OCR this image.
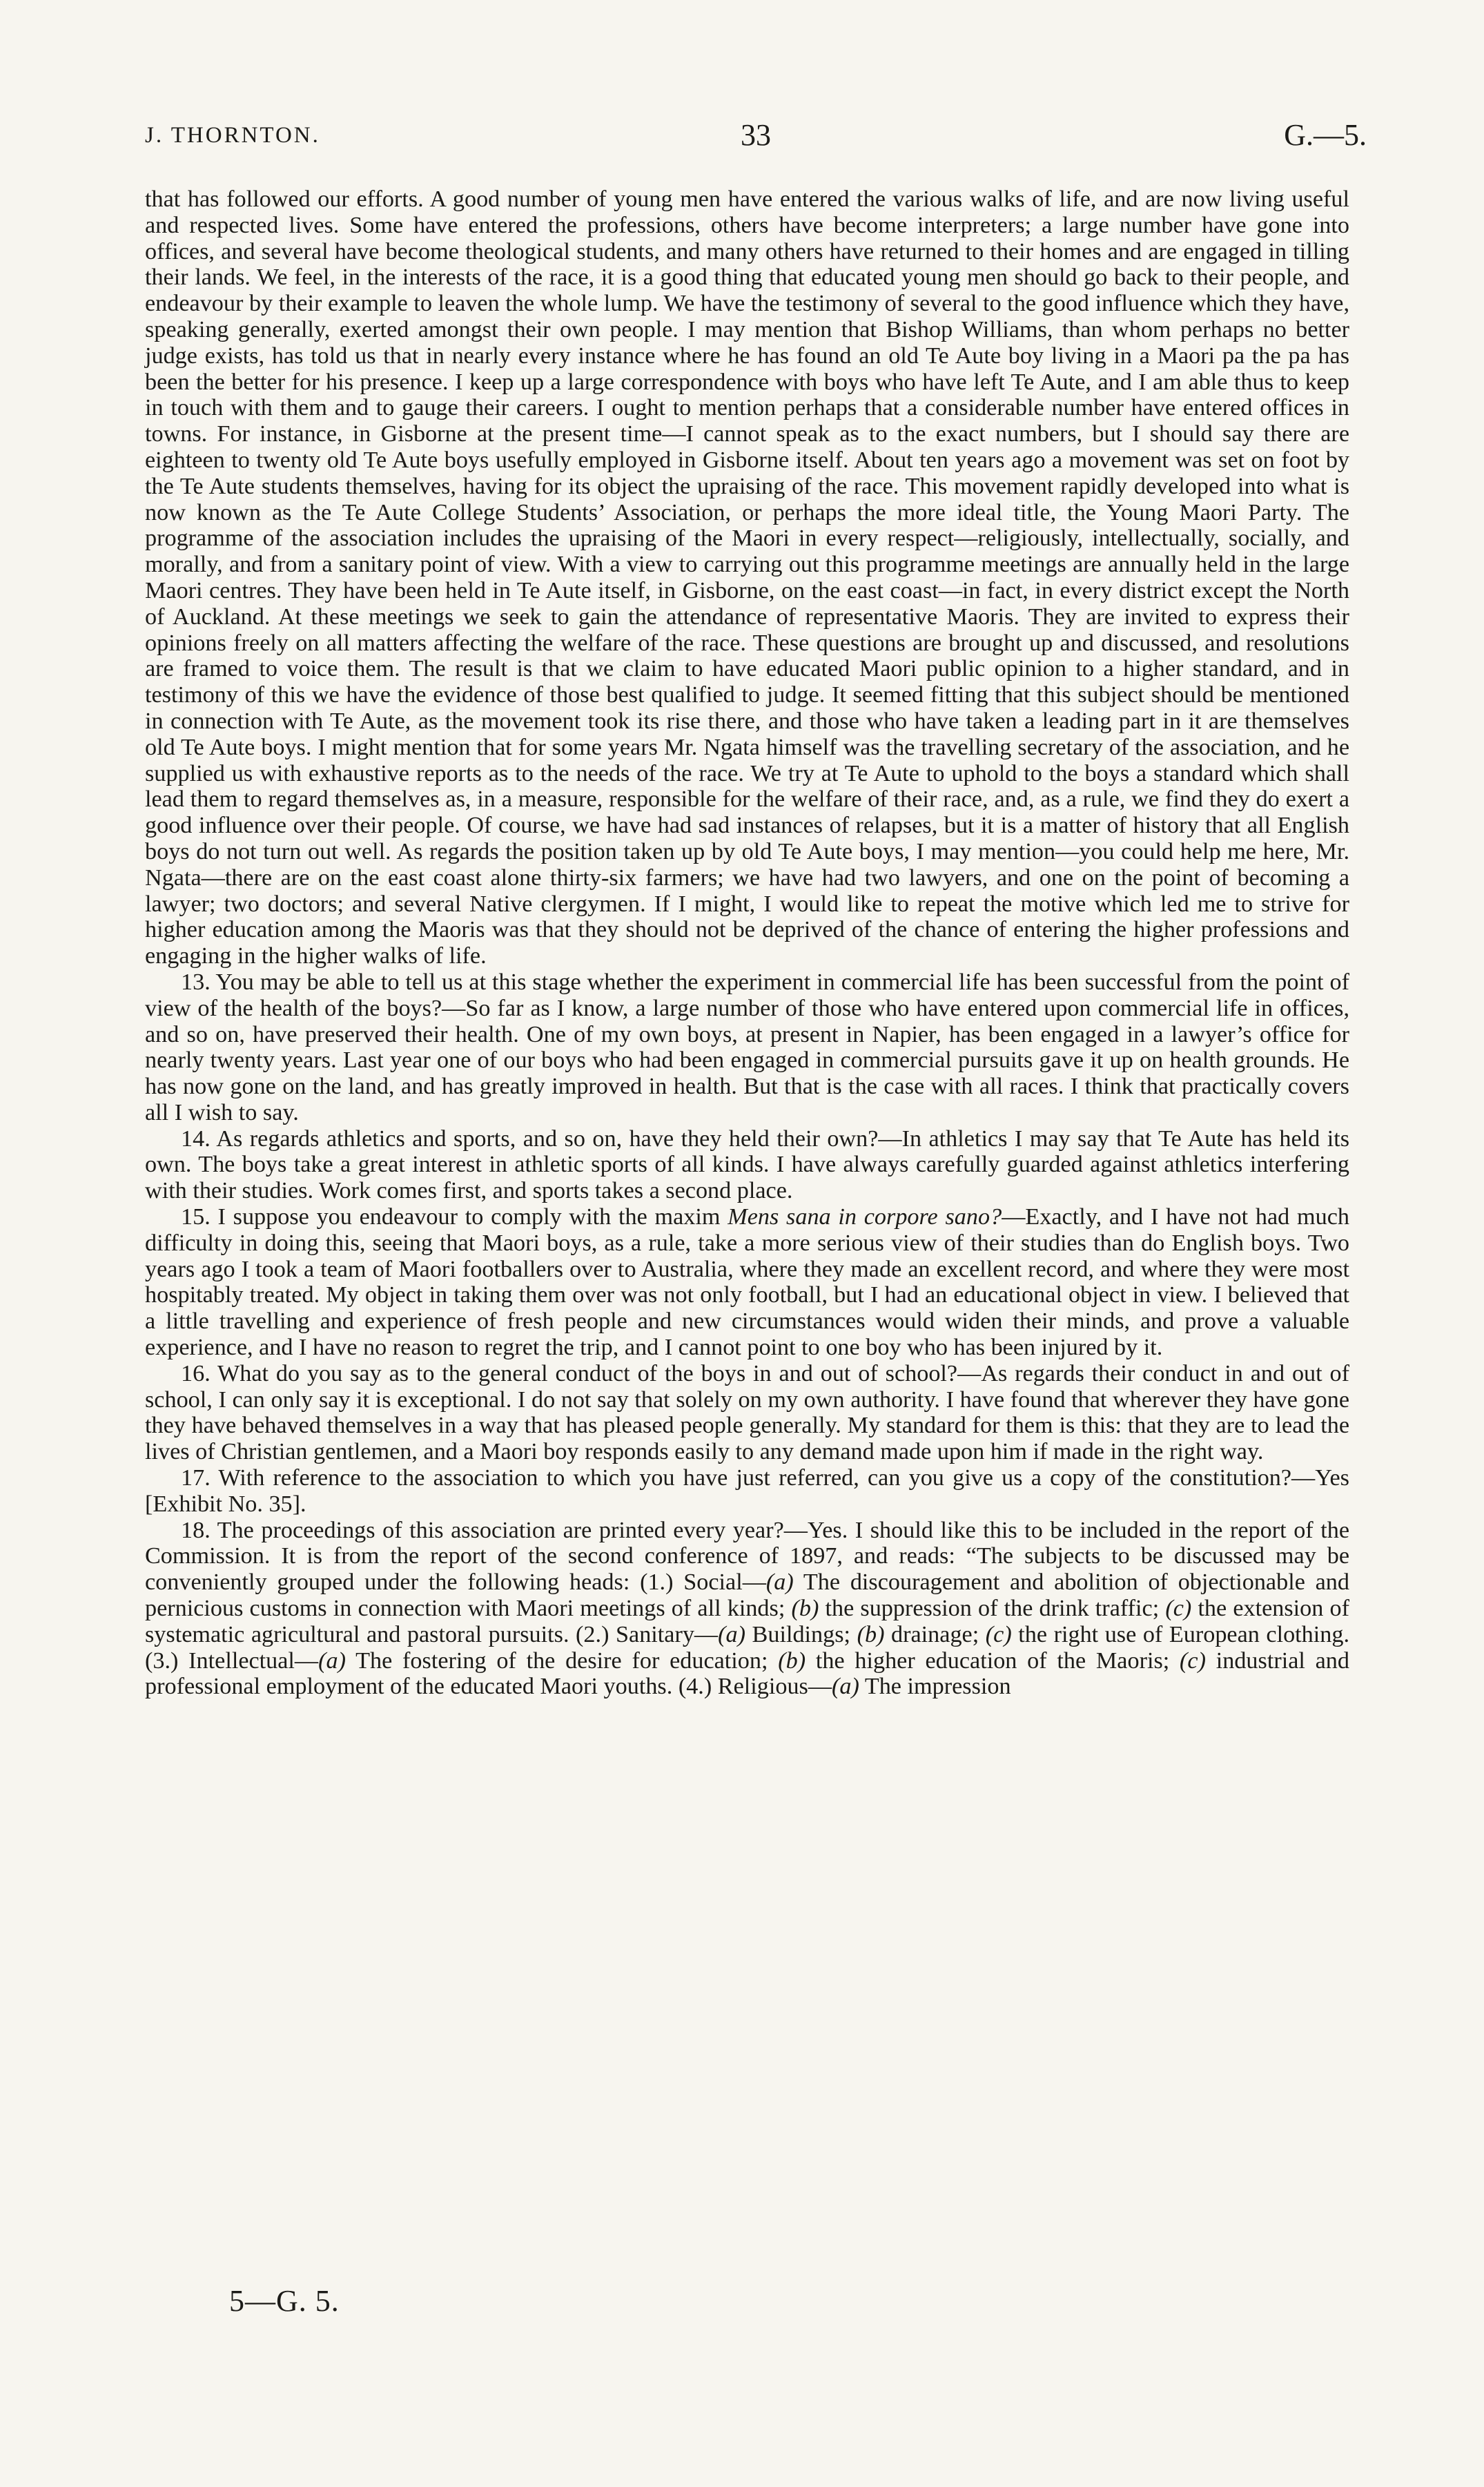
J. THORNTON.	33	G.—5.

that has followed our efforts. A good number of young men have entered the various walks of life, and are now living useful and respected lives. Some have entered the professions, others have become interpreters; a large number have gone into offices, and several have become theological students, and many others have returned to their homes and are engaged in tilling their lands. We feel, in the interests of the race, it is a good thing that educated young men should go back to their people, and endeavour by their example to leaven the whole lump. We have the testimony of several to the good influence which they have, speaking generally, exerted amongst their own people. I may mention that Bishop Williams, than whom perhaps no better judge exists, has told us that in nearly every instance where he has found an old Te Aute boy living in a Maori pa the pa has been the better for his presence. I keep up a large correspondence with boys who have left Te Aute, and I am able thus to keep in touch with them and to gauge their careers. I ought to mention perhaps that a considerable number have entered offices in towns. For instance, in Gisborne at the present time—I cannot speak as to the exact numbers, but I should say there are eighteen to twenty old Te Aute boys usefully employed in Gisborne itself. About ten years ago a movement was set on foot by the Te Aute students themselves, having for its object the upraising of the race. This movement rapidly developed into what is now known as the Te Aute College Students’ Association, or perhaps the more ideal title, the Young Maori Party. The programme of the association includes the upraising of the Maori in every respect—religiously, intellectually, socially, and morally, and from a sanitary point of view. With a view to carrying out this programme meetings are annually held in the large Maori centres. They have been held in Te Aute itself, in Gisborne, on the east coast—in fact, in every district except the North of Auckland. At these meetings we seek to gain the attendance of representative Maoris. They are invited to express their opinions freely on all matters affecting the welfare of the race. These questions are brought up and discussed, and resolutions are framed to voice them. The result is that we claim to have educated Maori public opinion to a higher standard, and in testimony of this we have the evidence of those best qualified to judge. It seemed fitting that this subject should be mentioned in connection with Te Aute, as the movement took its rise there, and those who have taken a leading part in it are themselves old Te Aute boys. I might mention that for some years Mr. Ngata himself was the travelling secretary of the association, and he supplied us with exhaustive reports as to the needs of the race. We try at Te Aute to uphold to the boys a standard which shall lead them to regard themselves as, in a measure, responsible for the welfare of their race, and, as a rule, we find they do exert a good influence over their people. Of course, we have had sad instances of relapses, but it is a matter of history that all English boys do not turn out well. As regards the position taken up by old Te Aute boys, I may mention—you could help me here, Mr. Ngata—there are on the east coast alone thirty-six farmers; we have had two lawyers, and one on the point of becoming a lawyer; two doctors; and several Native clergymen. If I might, I would like to repeat the motive which led me to strive for higher education among the Maoris was that they should not be deprived of the chance of entering the higher professions and engaging in the higher walks of life.

13. You may be able to tell us at this stage whether the experiment in commercial life has been successful from the point of view of the health of the boys?—So far as I know, a large number of those who have entered upon commercial life in offices, and so on, have preserved their health. One of my own boys, at present in Napier, has been engaged in a lawyer’s office for nearly twenty years. Last year one of our boys who had been engaged in commercial pursuits gave it up on health grounds. He has now gone on the land, and has greatly improved in health. But that is the case with all races. I think that practically covers all I wish to say.

14. As regards athletics and sports, and so on, have they held their own?—In athletics I may say that Te Aute has held its own. The boys take a great interest in athletic sports of all kinds. I have always carefully guarded against athletics interfering with their studies. Work comes first, and sports takes a second place.

15. I suppose you endeavour to comply with the maxim Mens sana in corpore sano?—Exactly, and I have not had much difficulty in doing this, seeing that Maori boys, as a rule, take a more serious view of their studies than do English boys. Two years ago I took a team of Maori footballers over to Australia, where they made an excellent record, and where they were most hospitably treated. My object in taking them over was not only football, but I had an educational object in view. I believed that a little travelling and experience of fresh people and new circumstances would widen their minds, and prove a valuable experience, and I have no reason to regret the trip, and I cannot point to one boy who has been injured by it.

16. What do you say as to the general conduct of the boys in and out of school?—As regards their conduct in and out of school, I can only say it is exceptional. I do not say that solely on my own authority. I have found that wherever they have gone they have behaved themselves in a way that has pleased people generally. My standard for them is this: that they are to lead the lives of Christian gentlemen, and a Maori boy responds easily to any demand made upon him if made in the right way.

17. With reference to the association to which you have just referred, can you give us a copy of the constitution?—Yes [Exhibit No. 35].

18. The proceedings of this association are printed every year?—Yes. I should like this to be included in the report of the Commission. It is from the report of the second conference of 1897, and reads: “The subjects to be discussed may be conveniently grouped under the following heads: (1.) Social—(a) The discouragement and abolition of objectionable and pernicious customs in connection with Maori meetings of all kinds; (b) the suppression of the drink traffic; (c) the extension of systematic agricultural and pastoral pursuits. (2.) Sanitary—(a) Buildings; (b) drainage; (c) the right use of European clothing. (3.) Intellectual—(a) The fostering of the desire for education; (b) the higher education of the Maoris; (c) industrial and professional employment of the educated Maori youths. (4.) Religious—(a) The impression

5—G. 5.
